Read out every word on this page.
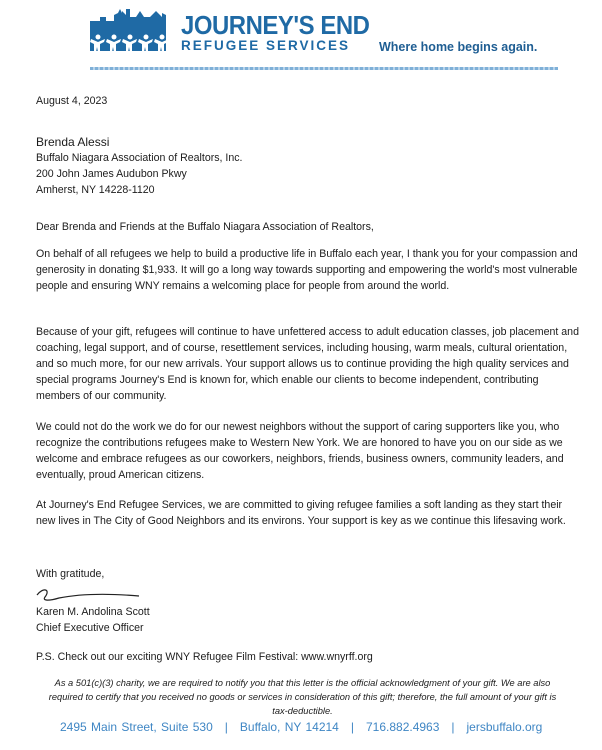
JOURNEY'S END
REFUGEE SERVICES Where home begins again.
August 4, 2023
Brenda Alessi
Buffalo Niagara Association of Realtors, Inc.
200 John James Audubon Pkwy
Amherst, NY 14228-1120
Dear Brenda and Friends at the Buffalo Niagara Association of Realtors,

On behalf of all refugees we help to build a productive life in Buffalo each year, I thank you for your compassion and generosity in donating $1,933. It will go a long way towards supporting and empowering the world's most vulnerable people and ensuring WNY remains a welcoming place for people from around the world.

Because of your gift, refugees will continue to have unfettered access to adult education classes, job placement and coaching, legal support, and of course, resettlement services, including housing, warm meals, cultural orientation, and so much more, for our new arrivals. Your support allows us to continue providing the high quality services and special programs Journey's End is known for, which enable our clients to become independent, contributing members of our community.

We could not do the work we do for our newest neighbors without the support of caring supporters like you, who recognize the contributions refugees make to Western New York. We are honored to have you on our side as we welcome and embrace refugees as our coworkers, neighbors, friends, business owners, community leaders, and eventually, proud American citizens.

At Journey's End Refugee Services, we are committed to giving refugee families a soft landing as they start their new lives in The City of Good Neighbors and its environs. Your support is key as we continue this lifesaving work.

With gratitude,
Karen M. Andolina Scott
Chief Executive Officer
P.S. Check out our exciting WNY Refugee Film Festival: www.wnyrff.org
As a 501(c)(3) charity, we are required to notify you that this letter is the official acknowledgment of your gift. We are also required to certify that you received no goods or services in consideration of this gift; therefore, the full amount of your gift is tax-deductible.
2495 Main Street, Suite 530 | Buffalo, NY 14214 | 716.882.4963 | jersbuffalo.org
